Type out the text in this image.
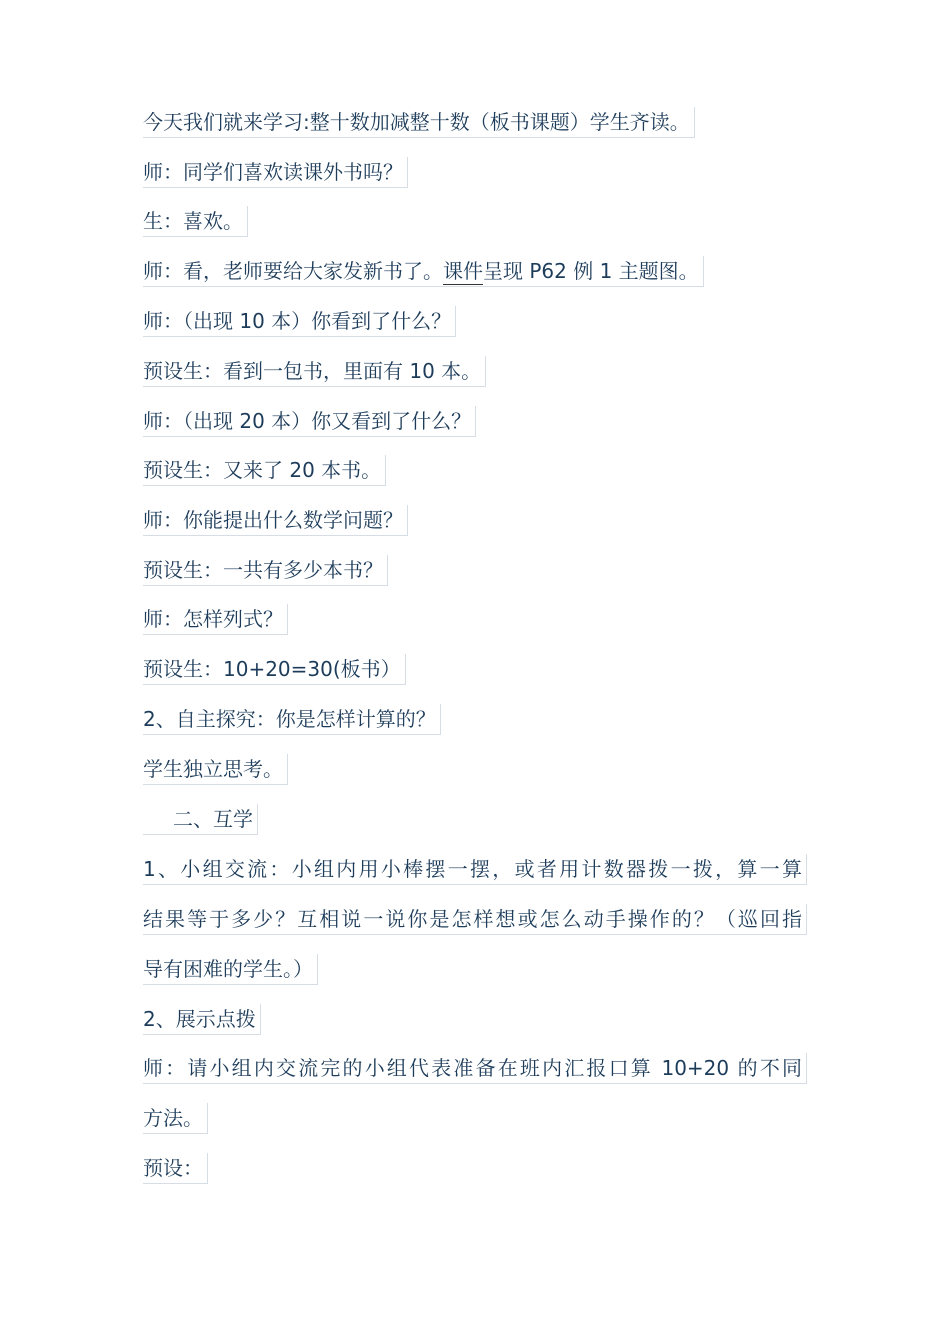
今天我们就来学习:整十数加减整十数（板书课题）学生齐读。
师：同学们喜欢读课外书吗？
生：喜欢。
师：看，老师要给大家发新书了。课件呈现 P62 例 1 主题图。
师：（出现 10 本）你看到了什么？
预设生：看到一包书，里面有 10 本。
师：（出现 20 本）你又看到了什么？
预设生：又来了 20 本书。
师：你能提出什么数学问题？
预设生：一共有多少本书？
师：怎样列式？
预设生：10+20=30(板书）
2、自主探究：你是怎样计算的？
学生独立思考。
二、互学
1、小组交流：小组内用小棒摆一摆，或者用计数器拨一拨，算一算
结果等于多少？互相说一说你是怎样想或怎么动手操作的？（巡回指
导有困难的学生。）
2、展示点拨
师：请小组内交流完的小组代表准备在班内汇报口算 10+20 的不同
方法。
预设：
